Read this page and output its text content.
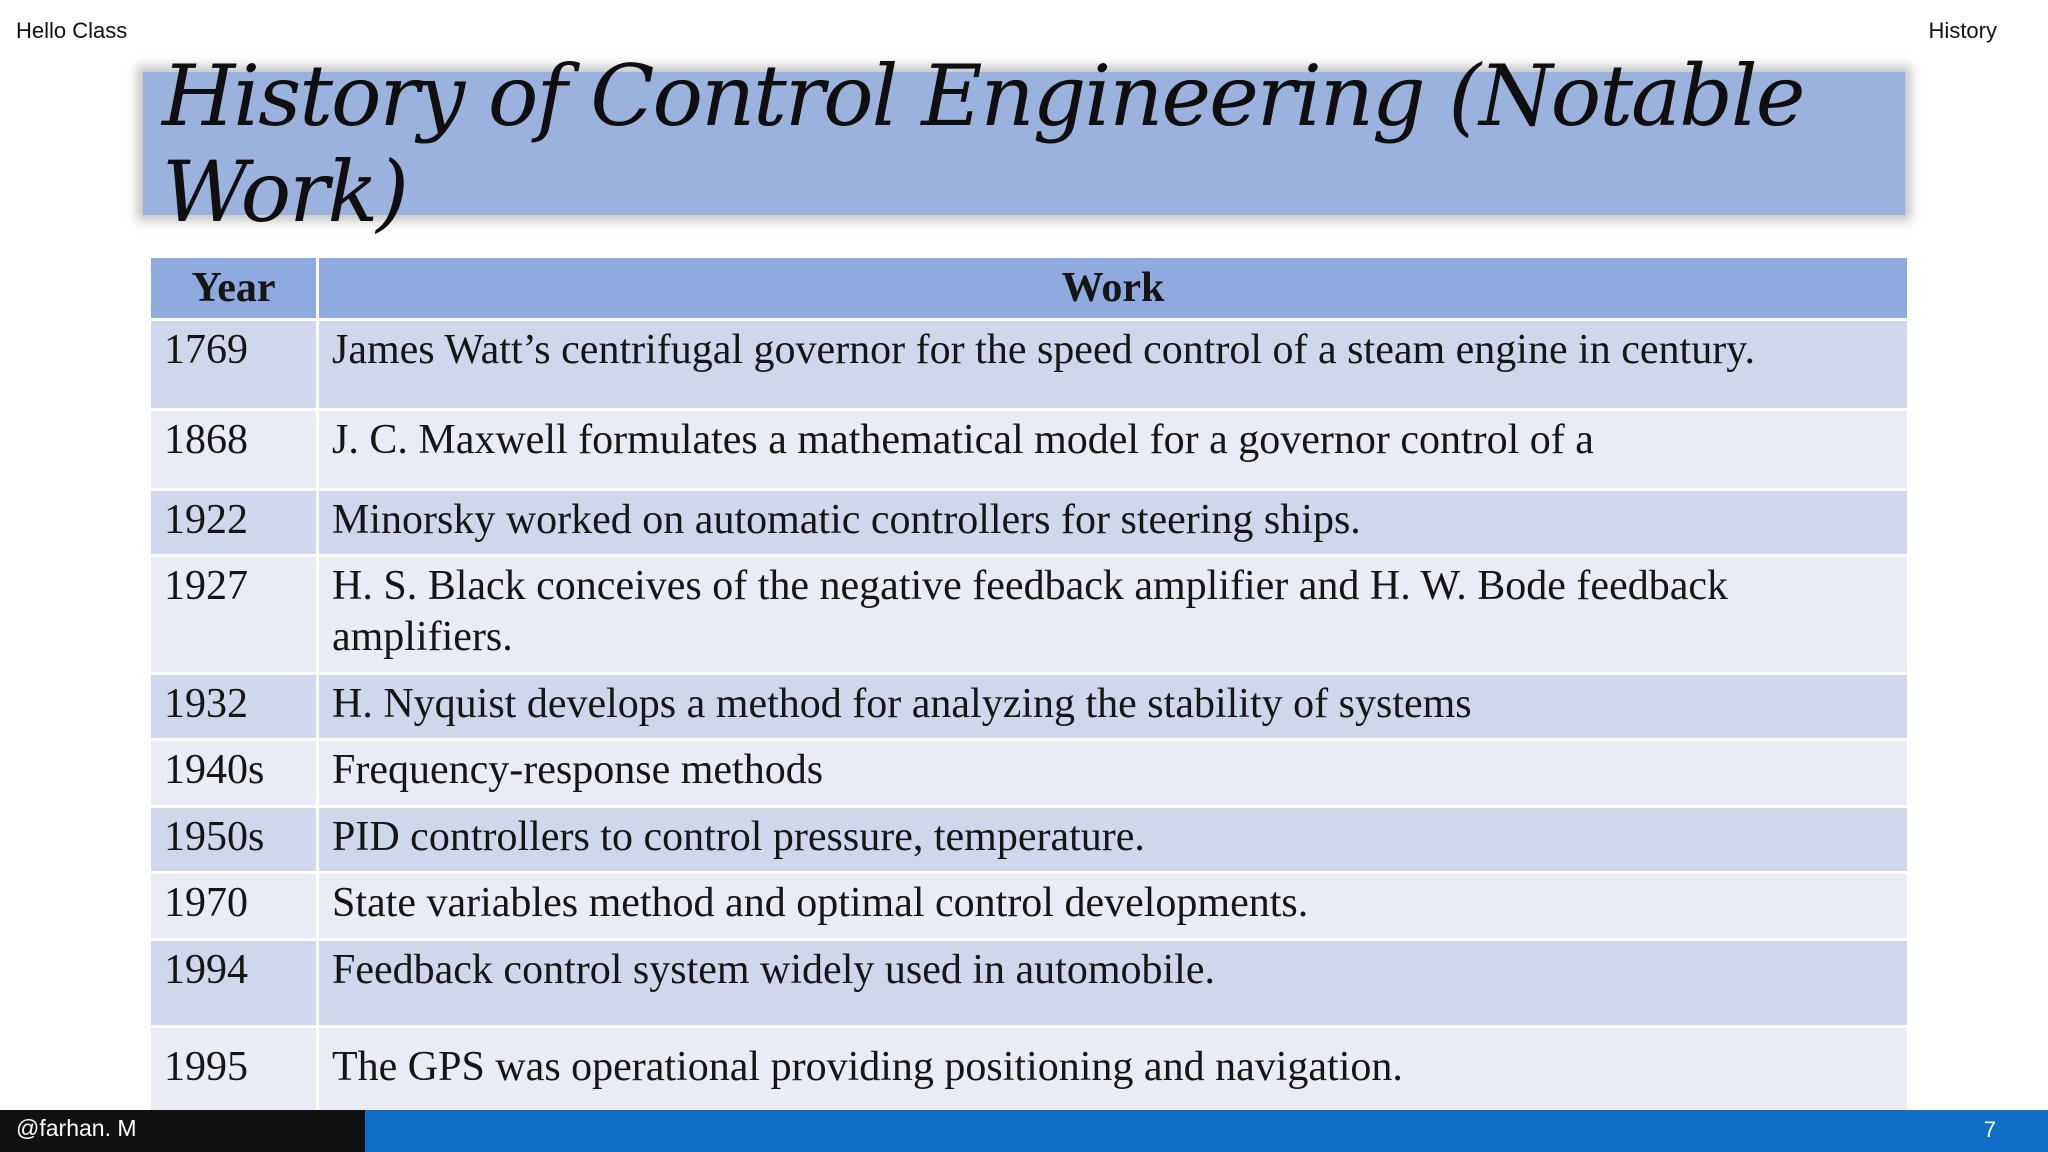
Hello Class	History
History of Control Engineering (Notable Work)
Year	Work
1769	James Watt’s centrifugal governor for the speed control of a steam engine in century.
1868	J. C. Maxwell formulates a mathematical model for a governor control of a
1922	Minorsky worked on automatic controllers for steering ships.
1927	H. S. Black conceives of the negative feedback amplifier and H. W. Bode feedback amplifiers.
1932	H. Nyquist develops a method for analyzing the stability of systems
1940s	Frequency-response methods
1950s	PID controllers to control pressure, temperature.
1970	State variables method and optimal control developments.
1994	Feedback control system widely used in automobile.
1995	The GPS was operational providing positioning and navigation.
@farhan. M	7
